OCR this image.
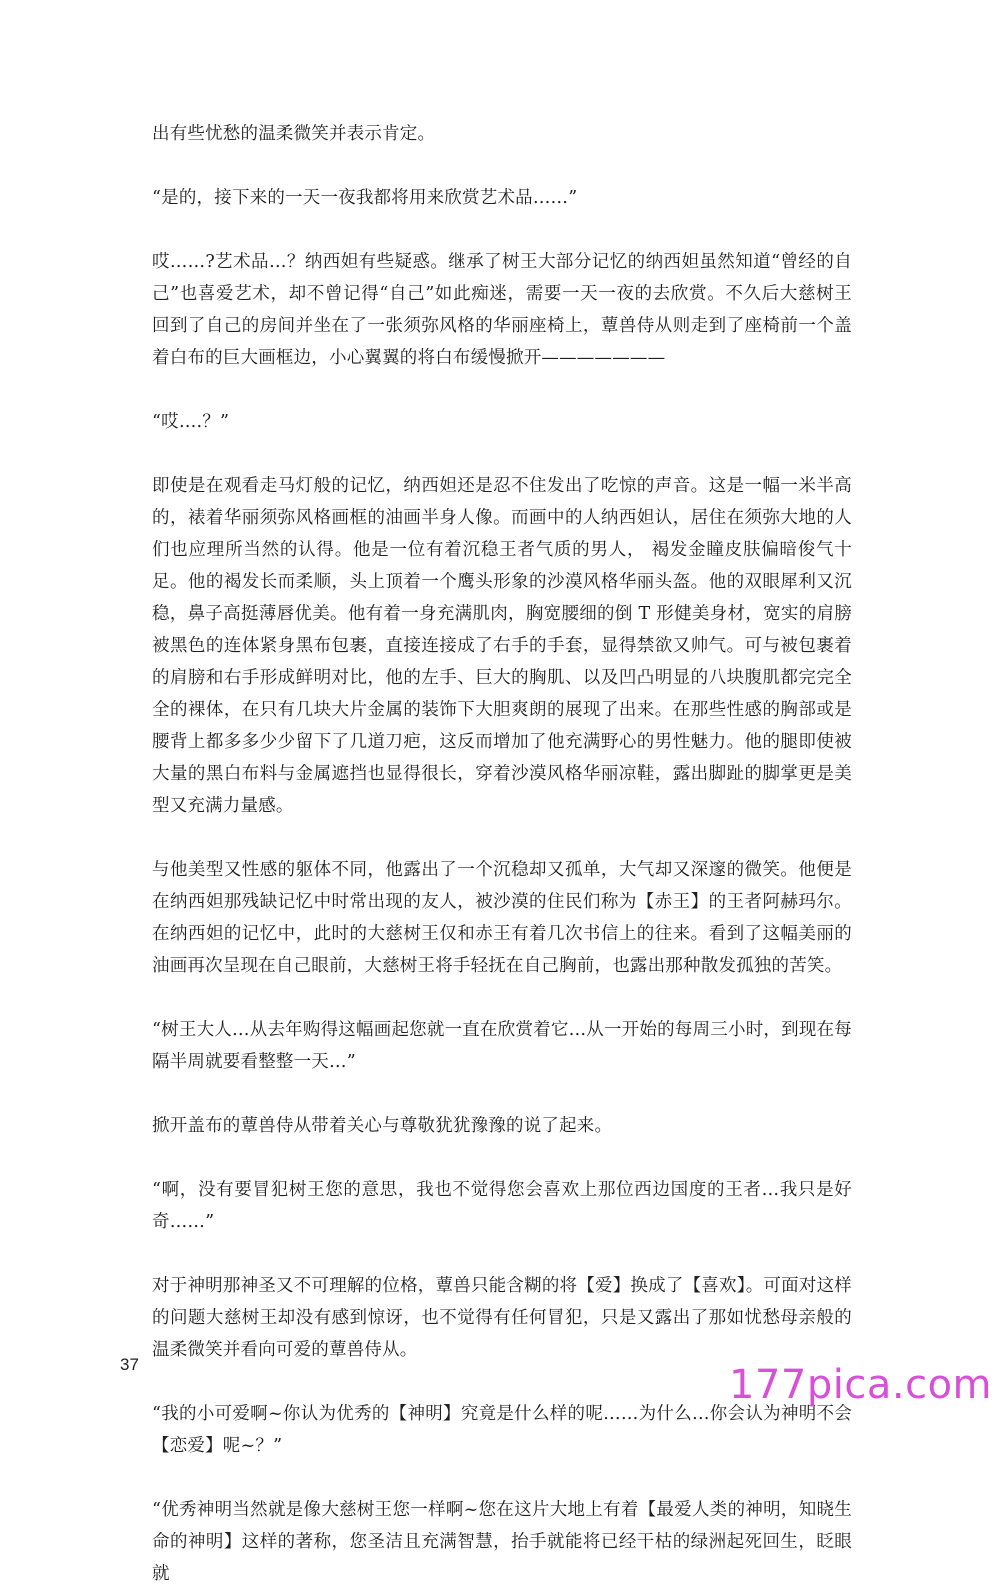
出有些忧愁的温柔微笑并表示肯定。

“是的，接下来的一天一夜我都将用来欣赏艺术品……”

哎……?艺术品…？纳西妲有些疑惑。继承了树王大部分记忆的纳西妲虽然知道“曾经的自己”也喜爱艺术，却不曾记得“自己”如此痴迷，需要一天一夜的去欣赏。不久后大慈树王回到了自己的房间并坐在了一张须弥风格的华丽座椅上，蕈兽侍从则走到了座椅前一个盖着白布的巨大画框边，小心翼翼的将白布缓慢掀开———————

“哎….？”

即使是在观看走马灯般的记忆，纳西妲还是忍不住发出了吃惊的声音。这是一幅一米半高的，裱着华丽须弥风格画框的油画半身人像。而画中的人纳西妲认，居住在须弥大地的人们也应理所当然的认得。他是一位有着沉稳王者气质的男人， 褐发金瞳皮肤偏暗俊气十足。他的褐发长而柔顺，头上顶着一个鹰头形象的沙漠风格华丽头盔。他的双眼犀利又沉稳，鼻子高挺薄唇优美。他有着一身充满肌肉，胸宽腰细的倒 T 形健美身材，宽实的肩膀被黑色的连体紧身黑布包裹，直接连接成了右手的手套，显得禁欲又帅气。可与被包裹着的肩膀和右手形成鲜明对比，他的左手、巨大的胸肌、以及凹凸明显的八块腹肌都完完全全的裸体，在只有几块大片金属的装饰下大胆爽朗的展现了出来。在那些性感的胸部或是腰背上都多多少少留下了几道刀疤，这反而增加了他充满野心的男性魅力。他的腿即使被大量的黑白布料与金属遮挡也显得很长，穿着沙漠风格华丽凉鞋，露出脚趾的脚掌更是美型又充满力量感。

与他美型又性感的躯体不同，他露出了一个沉稳却又孤单，大气却又深邃的微笑。他便是在纳西妲那残缺记忆中时常出现的友人，被沙漠的住民们称为【赤王】的王者阿赫玛尔。在纳西妲的记忆中，此时的大慈树王仅和赤王有着几次书信上的往来。看到了这幅美丽的油画再次呈现在自己眼前，大慈树王将手轻抚在自己胸前，也露出那种散发孤独的苦笑。

“树王大人…从去年购得这幅画起您就一直在欣赏着它…从一开始的每周三小时，到现在每隔半周就要看整整一天…”

掀开盖布的蕈兽侍从带着关心与尊敬犹犹豫豫的说了起来。

“啊，没有要冒犯树王您的意思，我也不觉得您会喜欢上那位西边国度的王者…我只是好奇……”

对于神明那神圣又不可理解的位格，蕈兽只能含糊的将【爱】换成了【喜欢】。可面对这样的问题大慈树王却没有感到惊讶，也不觉得有任何冒犯，只是又露出了那如忧愁母亲般的温柔微笑并看向可爱的蕈兽侍从。

“我的小可爱啊~你认为优秀的【神明】究竟是什么样的呢……为什么…你会认为神明不会【恋爱】呢~？”

“优秀神明当然就是像大慈树王您一样啊~您在这片大地上有着【最爱人类的神明，知晓生命的神明】这样的著称，您圣洁且充满智慧，抬手就能将已经干枯的绿洲起死回生，眨眼就

37	177pica.com
